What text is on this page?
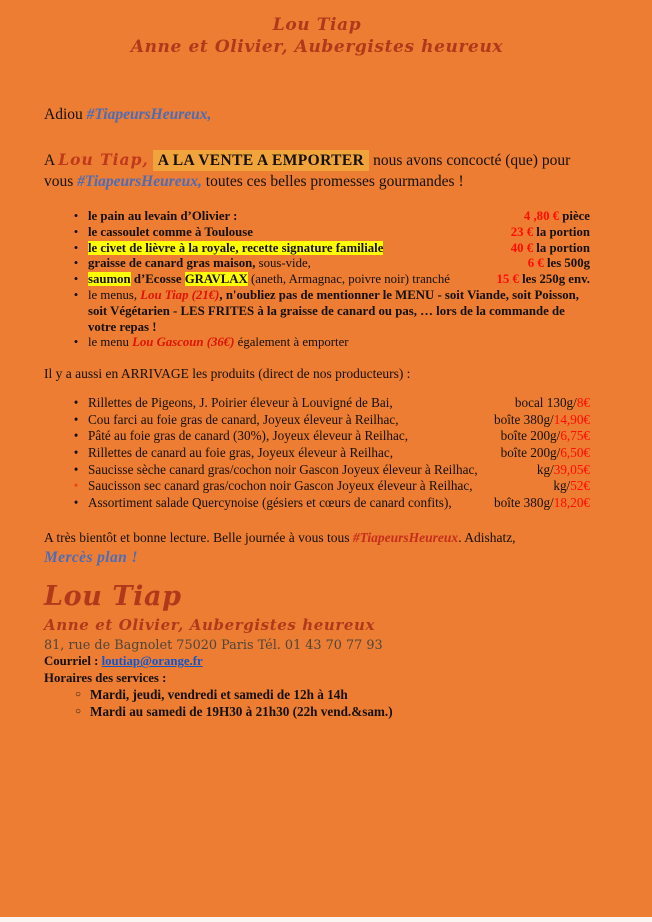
Lou Tiap
Anne et Olivier, Aubergistes heureux

Adiou #TiapeursHeureux,

A Lou Tiap, A LA VENTE A EMPORTER nous avons concocté (que) pour vous #TiapeursHeureux, toutes ces belles promesses gourmandes !

• le pain au levain d’Olivier :	4 ,80 € pièce
• le cassoulet comme à Toulouse	23 € la portion
• le civet de lièvre à la royale, recette signature familiale	40 € la portion
• graisse de canard gras maison, sous-vide,	6 € les 500g
• saumon d’Ecosse GRAVLAX (aneth, Armagnac, poivre noir) tranché	15 € les 250g env.
• le menus, Lou Tiap (21€), n'oubliez pas de mentionner le MENU - soit Viande, soit Poisson, soit Végétarien - LES FRITES à la graisse de canard ou pas, … lors de la commande de votre repas !
• le menu Lou Gascoun (36€) également à emporter

Il y a aussi en ARRIVAGE les produits (direct de nos producteurs) :

• Rillettes de Pigeons, J. Poirier éleveur à Louvigné de Bai,	bocal 130g/8€
• Cou farci au foie gras de canard, Joyeux éleveur à Reilhac,	boîte 380g/14,90€
• Pâté au foie gras de canard (30%), Joyeux éleveur à Reilhac,	boîte 200g/6,75€
• Rillettes de canard au foie gras, Joyeux éleveur à Reilhac,	boîte 200g/6,50€
• Saucisse sèche canard gras/cochon noir Gascon Joyeux éleveur à Reilhac,	kg/39,05€
• Saucisson sec canard gras/cochon noir Gascon Joyeux éleveur à Reilhac,	kg/52€
• Assortiment salade Quercynoise (gésiers et cœurs de canard confits),	boîte 380g/18,20€

A très bientôt et bonne lecture. Belle journée à vous tous #TiapeursHeureux. Adishatz,
Mercès plan !

Lou Tiap
Anne et Olivier, Aubergistes heureux
81, rue de Bagnolet 75020 Paris Tél. 01 43 70 77 93
Courriel : loutiap@orange.fr
Horaires des services :
○ Mardi, jeudi, vendredi et samedi de 12h à 14h
○ Mardi au samedi de 19H30 à 21h30 (22h vend.&sam.)
